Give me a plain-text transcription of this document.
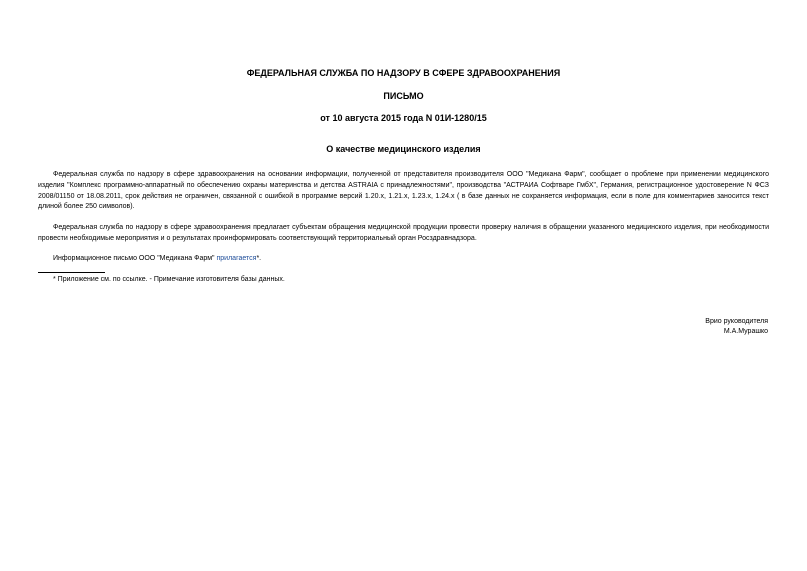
ФЕДЕРАЛЬНАЯ СЛУЖБА ПО НАДЗОРУ В СФЕРЕ ЗДРАВООХРАНЕНИЯ
ПИСЬМО
от 10 августа 2015 года N 01И-1280/15
О качестве медицинского изделия
Федеральная служба по надзору в сфере здравоохранения на основании информации, полученной от представителя производителя ООО "Медикана Фарм", сообщает о проблеме при применении медицинского изделия "Комплекс программно-аппаратный по обеспечению охраны материнства и детства ASTRAIA с принадлежностями", производства "АСТРАИА Софтваре ГмбХ", Германия, регистрационное удостоверение N ФСЗ 2008/01150 от 18.08.2011, срок действия не ограничен, связанной с ошибкой в программе версий 1.20.x, 1.21.x, 1.23.x, 1.24.x ( в базе данных не сохраняется информация, если в поле для комментариев заносится текст длиной более 250 символов).
Федеральная служба по надзору в сфере здравоохранения предлагает субъектам обращения медицинской продукции провести проверку наличия в обращении указанного медицинского изделия, при необходимости провести необходимые мероприятия и о результатах проинформировать соответствующий территориальный орган Росздравнадзора.
Информационное письмо ООО "Медикана Фарм" прилагается*.
* Приложение см. по ссылке. - Примечание изготовителя базы данных.
Врио руководителя
М.А.Мурашко
